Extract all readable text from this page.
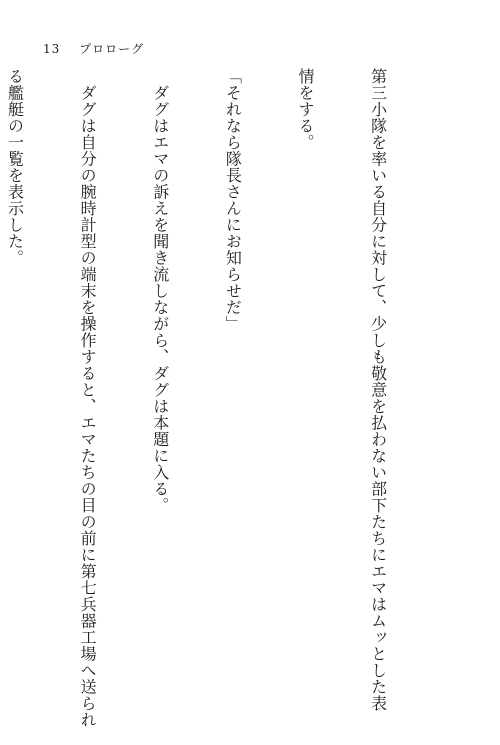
13 プロローグ

第三小隊を率いる自分に対して、少しも敬意を払わない部下たちにエマはムッとした表

情をする。

「それなら隊長さんにお知らせだ」

　ダグはエマの訴えを聞き流しながら、ダグは本題に入る。

　ダグは自分の腕時計型の端末を操作すると、エマたちの目の前に第七兵器工場へ送られ

る艦艇の一覧を表示した。
